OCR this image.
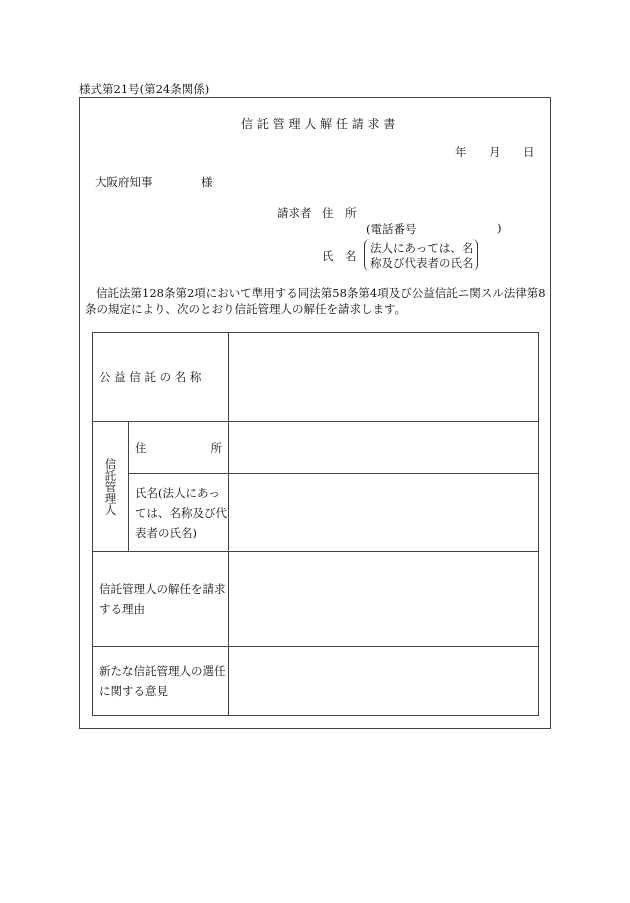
様式第21号(第24条関係)
信 託 管 理 人 解 任 請 求 書
年 月 日
大阪府知事	様
請求者 住　所
(電話番号	)
氏　名
法人にあっては、名
称及び代表者の氏名
信託法第128条第2項において準用する同法第58条第4項及び公益信託ニ関スル法律第8
条の規定により、次のとおり信託管理人の解任を請求します。
公 益 信 託 の 名 称		

信託管理人	住 所	

	氏名(法人にあっては、名称及び代表者の氏名)	

信託管理人の解任を請求する理由		

新たな信託管理人の選任に関する意見		
